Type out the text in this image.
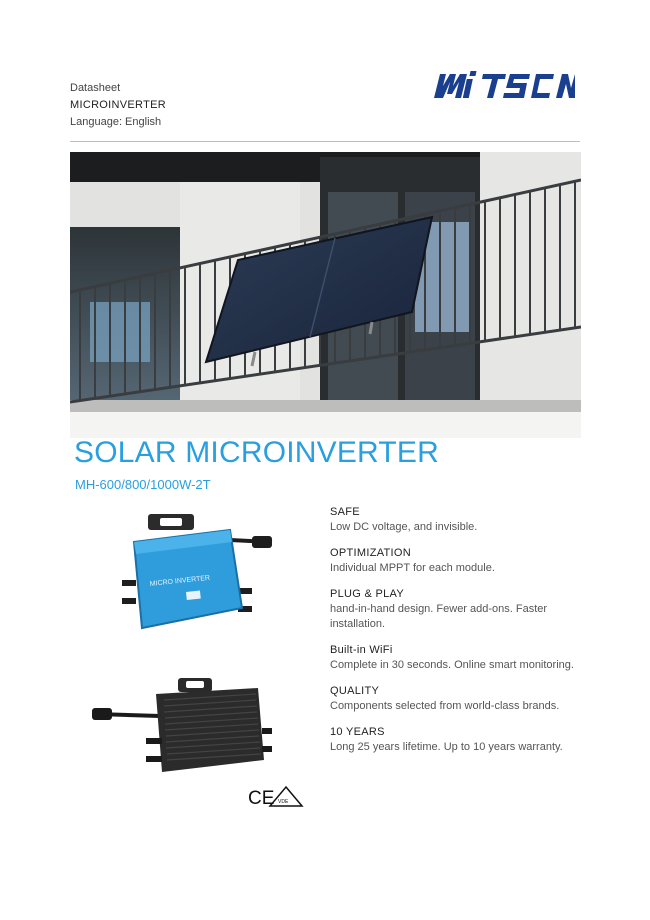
Datasheet
MICROINVERTER
Language: English
SOLAR MICROINVERTER
MH-600/800/1000W-2T
MICRO INVERTER
CE VDE
SAFE
Low DC voltage, and invisible.
OPTIMIZATION
Individual MPPT for each module.
PLUG & PLAY
hand-in-hand design. Fewer add-ons. Faster installation.
Built-in WiFi
Complete in 30 seconds. Online smart monitoring.
QUALITY
Components selected from world-class brands.
10 YEARS
Long 25 years lifetime. Up to 10 years warranty.
